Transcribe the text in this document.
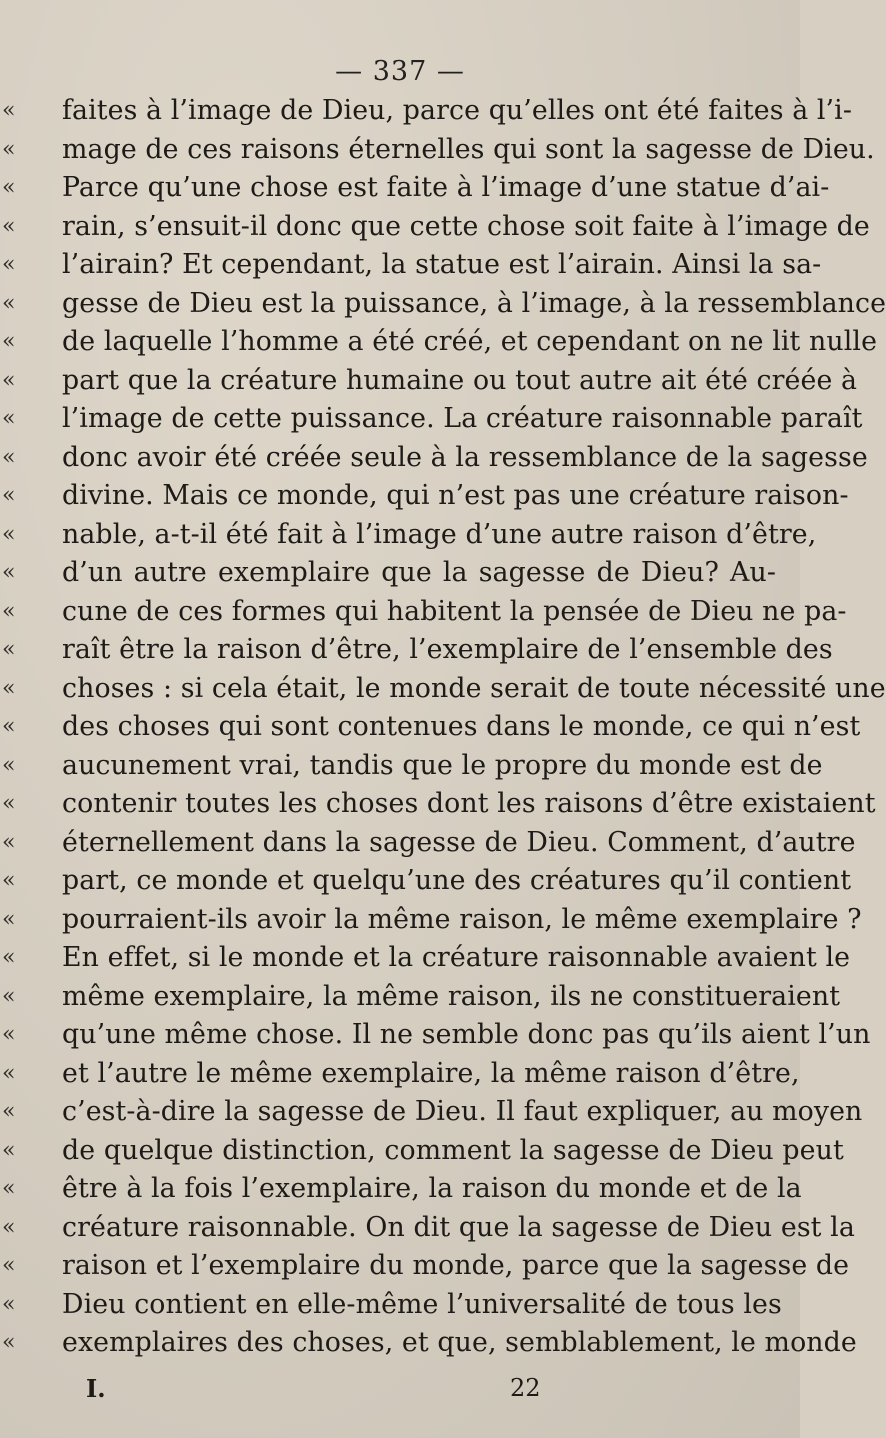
— 337 —
«	faites à l’image de Dieu, parce qu’elles ont été faites à l’i-
«	mage de ces raisons éternelles qui sont la sagesse de Dieu.
«	Parce qu’une chose est faite à l’image d’une statue d’ai-
«	rain, s’ensuit-il donc que cette chose soit faite à l’image de
«	l’airain? Et cependant, la statue est l’airain. Ainsi la sa-
«	gesse de Dieu est la puissance, à l’image, à la ressemblance
«	de laquelle l’homme a été créé, et cependant on ne lit nulle
«	part que la créature humaine ou tout autre ait été créée à
«	l’image de cette puissance. La créature raisonnable paraît
«	donc avoir été créée seule à la ressemblance de la sagesse
«	divine. Mais ce monde, qui n’est pas une créature raison-
«	nable, a-t-il été fait à l’image d’une autre raison d’être,
«	d’un autre exemplaire que la sagesse de Dieu? Au-
«	cune de ces formes qui habitent la pensée de Dieu ne pa-
«	raît être la raison d’être, l’exemplaire de l’ensemble des
«	choses : si cela était, le monde serait de toute nécessité une
«	des choses qui sont contenues dans le monde, ce qui n’est
«	aucunement vrai, tandis que le propre du monde est de
«	contenir toutes les choses dont les raisons d’être existaient
«	éternellement dans la sagesse de Dieu. Comment, d’autre
«	part, ce monde et quelqu’une des créatures qu’il contient
«	pourraient-ils avoir la même raison, le même exemplaire ?
«	En effet, si le monde et la créature raisonnable avaient le
«	même exemplaire, la même raison, ils ne constitueraient
«	qu’une même chose. Il ne semble donc pas qu’ils aient l’un
«	et l’autre le même exemplaire, la même raison d’être,
«	c’est-à-dire la sagesse de Dieu. Il faut expliquer, au moyen
«	de quelque distinction, comment la sagesse de Dieu peut
«	être à la fois l’exemplaire, la raison du monde et de la
«	créature raisonnable. On dit que la sagesse de Dieu est la
«	raison et l’exemplaire du monde, parce que la sagesse de
«	Dieu contient en elle-même l’universalité de tous les
«	exemplaires des choses, et que, semblablement, le monde
I.	22
